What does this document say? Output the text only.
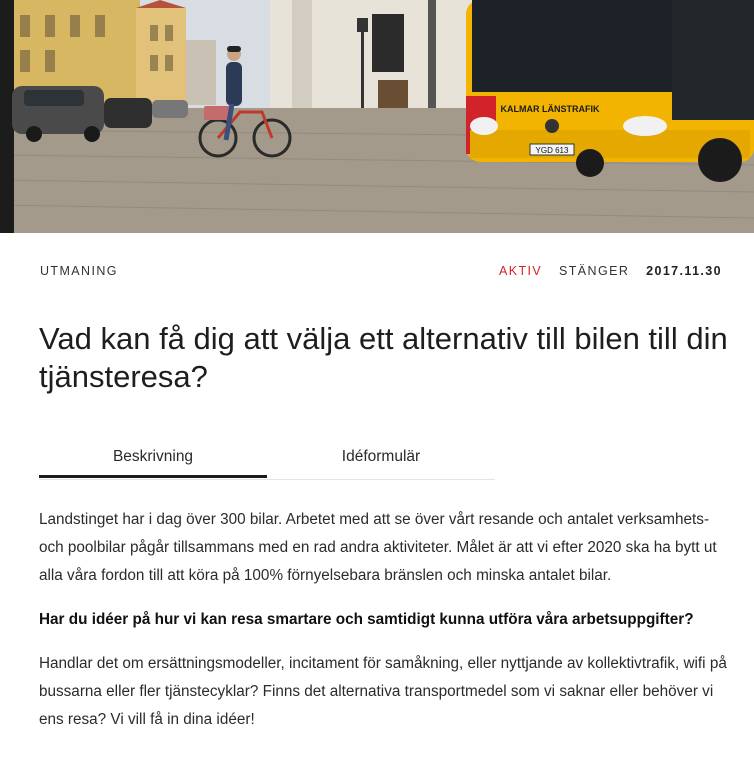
YGD 613
KALMAR LÄNSTRAFIK
UTMANING	AKTIV STÄNGER 2017.11.30
Vad kan få dig att välja ett alternativ till bilen till din tjänsteresa?
Beskrivning	Idéformulär

Landstinget har i dag över 300 bilar. Arbetet med att se över vårt resande och antalet verksamhets- och poolbilar pågår tillsammans med en rad andra aktiviteter. Målet är att vi efter 2020 ska ha bytt ut alla våra fordon till att köra på 100% förnyelsebara bränslen och minska antalet bilar.

Har du idéer på hur vi kan resa smartare och samtidigt kunna utföra våra arbetsuppgifter?

Handlar det om ersättningsmodeller, incitament för samåkning, eller nyttjande av kollektivtrafik, wifi på bussarna eller fler tjänstecyklar? Finns det alternativa transportmedel som vi saknar eller behöver vi ens resa? Vi vill få in dina idéer!
